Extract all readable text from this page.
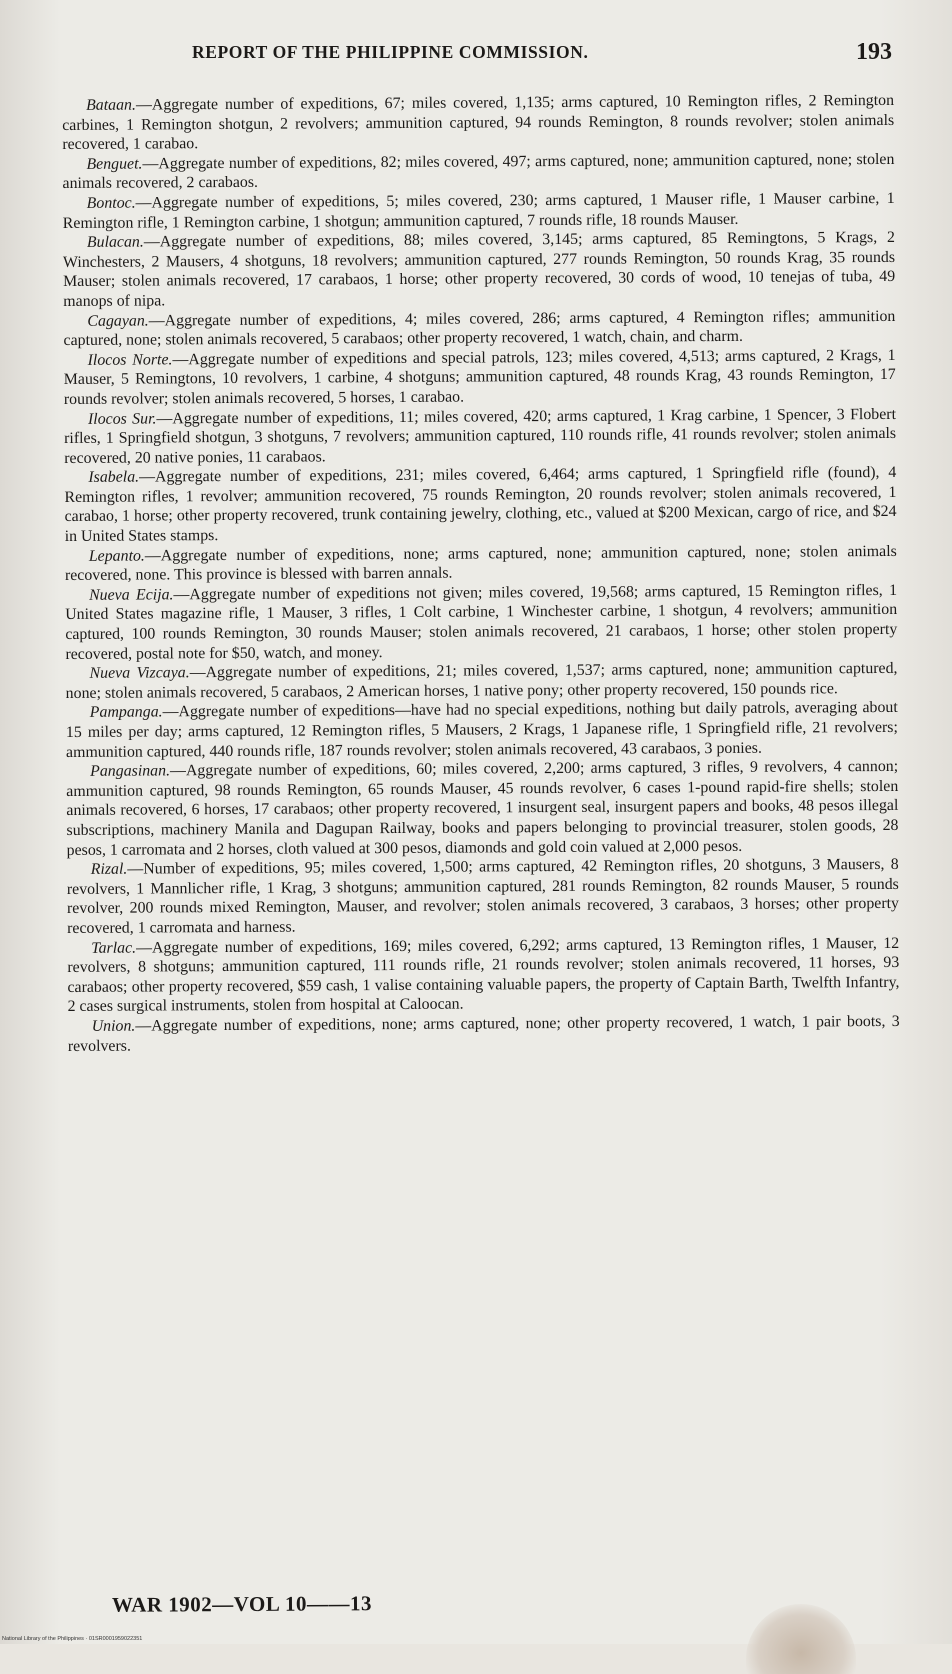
REPORT OF THE PHILIPPINE COMMISSION.	193

Bataan.—Aggregate number of expeditions, 67; miles covered, 1,135; arms captured, 10 Remington rifles, 2 Remington carbines, 1 Remington shotgun, 2 revolvers; ammunition captured, 94 rounds Remington, 8 rounds revolver; stolen animals recovered, 1 carabao.

Benguet.—Aggregate number of expeditions, 82; miles covered, 497; arms captured, none; ammunition captured, none; stolen animals recovered, 2 carabaos.

Bontoc.—Aggregate number of expeditions, 5; miles covered, 230; arms captured, 1 Mauser rifle, 1 Mauser carbine, 1 Remington rifle, 1 Remington carbine, 1 shotgun; ammunition captured, 7 rounds rifle, 18 rounds Mauser.

Bulacan.—Aggregate number of expeditions, 88; miles covered, 3,145; arms captured, 85 Remingtons, 5 Krags, 2 Winchesters, 2 Mausers, 4 shotguns, 18 revolvers; ammunition captured, 277 rounds Remington, 50 rounds Krag, 35 rounds Mauser; stolen animals recovered, 17 carabaos, 1 horse; other property recovered, 30 cords of wood, 10 tenejas of tuba, 49 manops of nipa.

Cagayan.—Aggregate number of expeditions, 4; miles covered, 286; arms captured, 4 Remington rifles; ammunition captured, none; stolen animals recovered, 5 carabaos; other property recovered, 1 watch, chain, and charm.

Ilocos Norte.—Aggregate number of expeditions and special patrols, 123; miles covered, 4,513; arms captured, 2 Krags, 1 Mauser, 5 Remingtons, 10 revolvers, 1 carbine, 4 shotguns; ammunition captured, 48 rounds Krag, 43 rounds Remington, 17 rounds revolver; stolen animals recovered, 5 horses, 1 carabao.

Ilocos Sur.—Aggregate number of expeditions, 11; miles covered, 420; arms captured, 1 Krag carbine, 1 Spencer, 3 Flobert rifles, 1 Springfield shotgun, 3 shotguns, 7 revolvers; ammunition captured, 110 rounds rifle, 41 rounds revolver; stolen animals recovered, 20 native ponies, 11 carabaos.

Isabela.—Aggregate number of expeditions, 231; miles covered, 6,464; arms captured, 1 Springfield rifle (found), 4 Remington rifles, 1 revolver; ammunition recovered, 75 rounds Remington, 20 rounds revolver; stolen animals recovered, 1 carabao, 1 horse; other property recovered, trunk containing jewelry, clothing, etc., valued at $200 Mexican, cargo of rice, and $24 in United States stamps.

Lepanto.—Aggregate number of expeditions, none; arms captured, none; ammunition captured, none; stolen animals recovered, none. This province is blessed with barren annals.

Nueva Ecija.—Aggregate number of expeditions not given; miles covered, 19,568; arms captured, 15 Remington rifles, 1 United States magazine rifle, 1 Mauser, 3 rifles, 1 Colt carbine, 1 Winchester carbine, 1 shotgun, 4 revolvers; ammunition captured, 100 rounds Remington, 30 rounds Mauser; stolen animals recovered, 21 carabaos, 1 horse; other stolen property recovered, postal note for $50, watch, and money.

Nueva Vizcaya.—Aggregate number of expeditions, 21; miles covered, 1,537; arms captured, none; ammunition captured, none; stolen animals recovered, 5 carabaos, 2 American horses, 1 native pony; other property recovered, 150 pounds rice.

Pampanga.—Aggregate number of expeditions—have had no special expeditions, nothing but daily patrols, averaging about 15 miles per day; arms captured, 12 Remington rifles, 5 Mausers, 2 Krags, 1 Japanese rifle, 1 Springfield rifle, 21 revolvers; ammunition captured, 440 rounds rifle, 187 rounds revolver; stolen animals recovered, 43 carabaos, 3 ponies.

Pangasinan.—Aggregate number of expeditions, 60; miles covered, 2,200; arms captured, 3 rifles, 9 revolvers, 4 cannon; ammunition captured, 98 rounds Remington, 65 rounds Mauser, 45 rounds revolver, 6 cases 1-pound rapid-fire shells; stolen animals recovered, 6 horses, 17 carabaos; other property recovered, 1 insurgent seal, insurgent papers and books, 48 pesos illegal subscriptions, machinery Manila and Dagupan Railway, books and papers belonging to provincial treasurer, stolen goods, 28 pesos, 1 carromata and 2 horses, cloth valued at 300 pesos, diamonds and gold coin valued at 2,000 pesos.

Rizal.—Number of expeditions, 95; miles covered, 1,500; arms captured, 42 Remington rifles, 20 shotguns, 3 Mausers, 8 revolvers, 1 Mannlicher rifle, 1 Krag, 3 shotguns; ammunition captured, 281 rounds Remington, 82 rounds Mauser, 5 rounds revolver, 200 rounds mixed Remington, Mauser, and revolver; stolen animals recovered, 3 carabaos, 3 horses; other property recovered, 1 carromata and harness.

Tarlac.—Aggregate number of expeditions, 169; miles covered, 6,292; arms captured, 13 Remington rifles, 1 Mauser, 12 revolvers, 8 shotguns; ammunition captured, 111 rounds rifle, 21 rounds revolver; stolen animals recovered, 11 horses, 93 carabaos; other property recovered, $59 cash, 1 valise containing valuable papers, the property of Captain Barth, Twelfth Infantry, 2 cases surgical instruments, stolen from hospital at Caloocan.

Union.—Aggregate number of expeditions, none; arms captured, none; other property recovered, 1 watch, 1 pair boots, 3 revolvers.

WAR 1902—VOL 10——13
National Library of the Philippines · 01SR0001959022351
